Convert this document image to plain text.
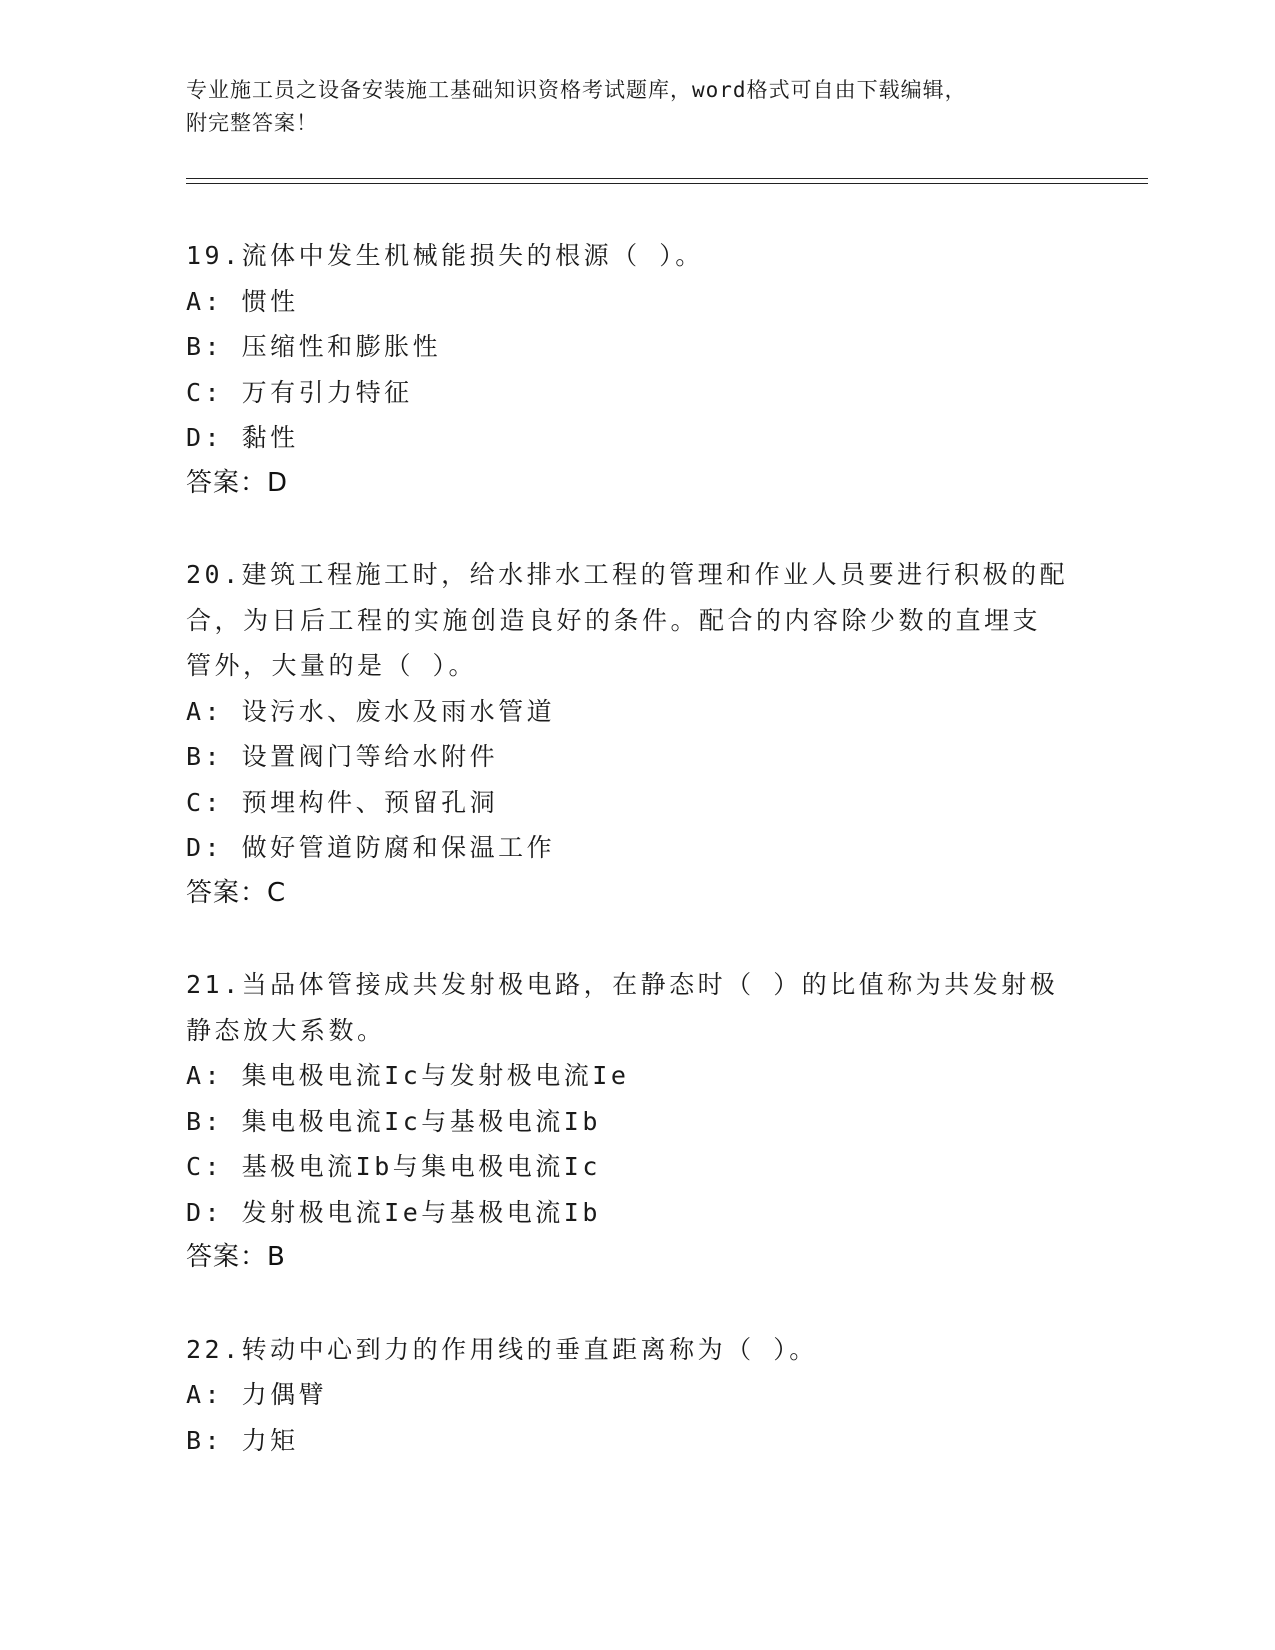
专业施工员之设备安装施工基础知识资格考试题库，word格式可自由下载编辑，
附完整答案！
19.流体中发生机械能损失的根源（ ）。
A: 惯性
B: 压缩性和膨胀性
C: 万有引力特征
D: 黏性
答案：D
20.建筑工程施工时，给水排水工程的管理和作业人员要进行积极的配
合，为日后工程的实施创造良好的条件。配合的内容除少数的直埋支
管外，大量的是（ ）。
A: 设污水、废水及雨水管道
B: 设置阀门等给水附件
C: 预埋构件、预留孔洞
D: 做好管道防腐和保温工作
答案：C
21.当品体管接成共发射极电路，在静态时（ ）的比值称为共发射极
静态放大系数。
A: 集电极电流Ic与发射极电流Ie
B: 集电极电流Ic与基极电流Ib
C: 基极电流Ib与集电极电流Ic
D: 发射极电流Ie与基极电流Ib
答案：B
22.转动中心到力的作用线的垂直距离称为（ ）。
A: 力偶臂
B: 力矩
